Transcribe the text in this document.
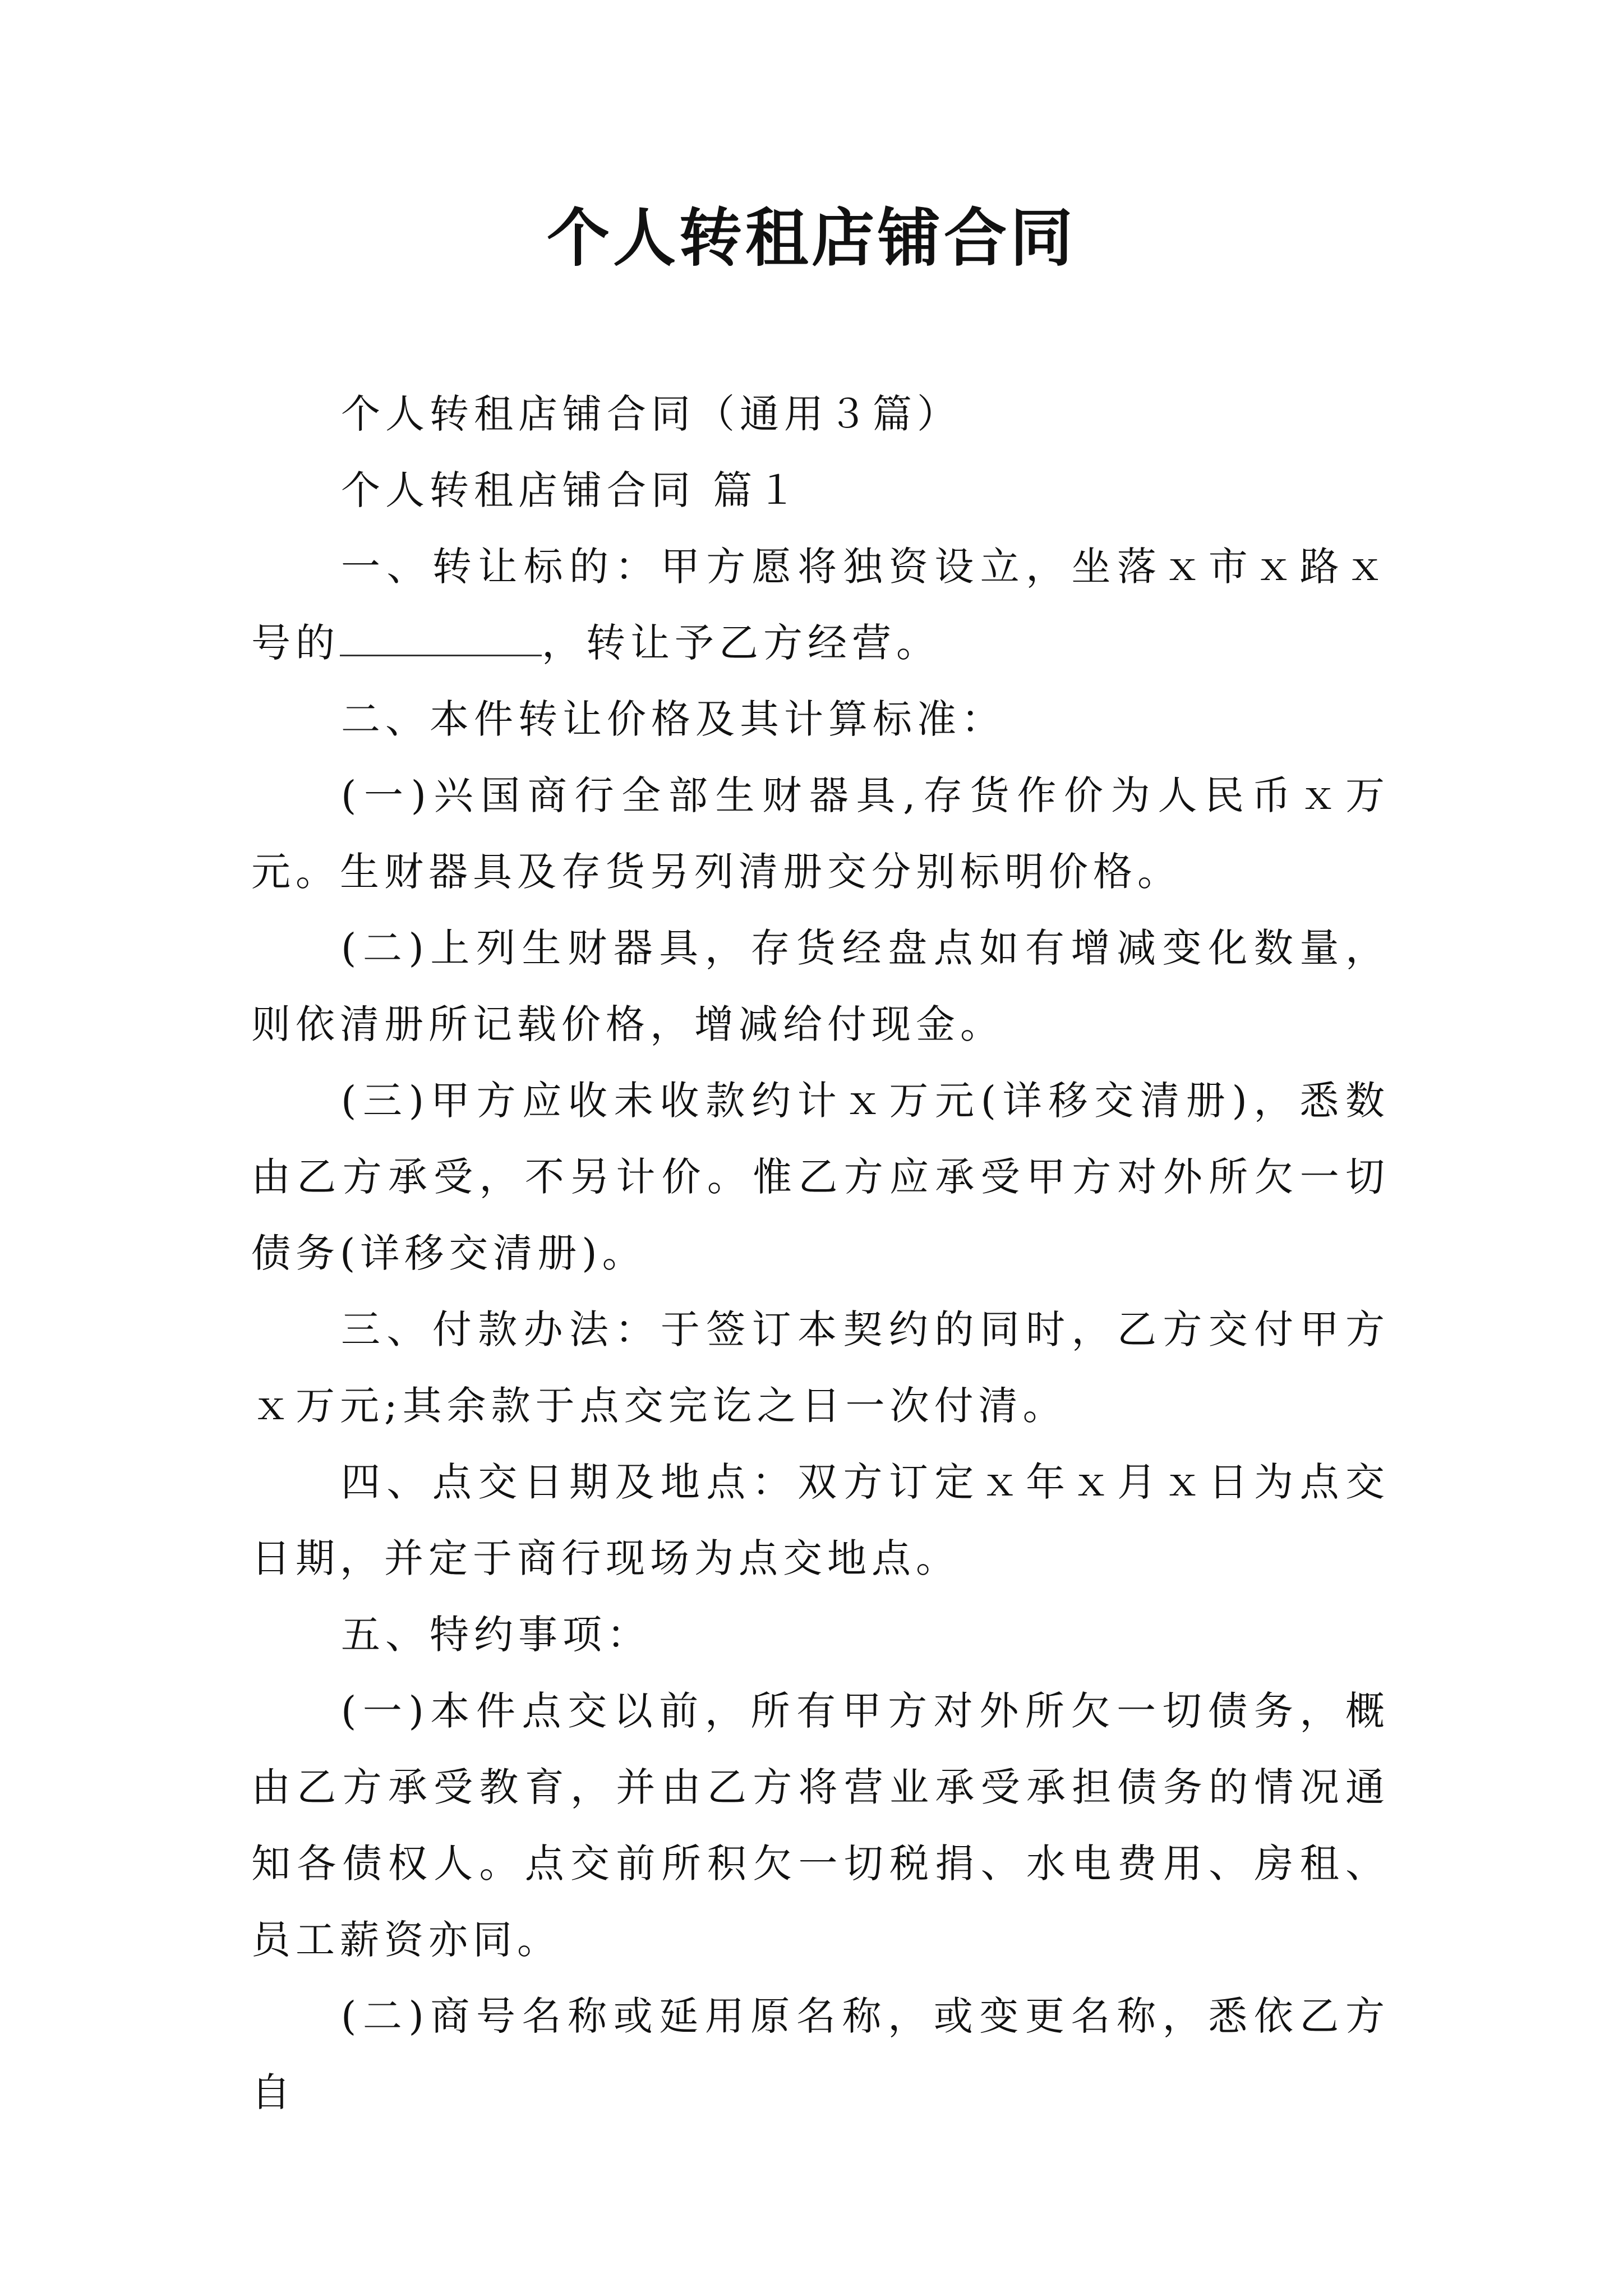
个人转租店铺合同

个人转租店铺合同（通用３篇）

个人转租店铺合同 篇１

一、转让标的：甲方愿将独资设立，坐落ｘ市ｘ路ｘ号的	，转让予乙方经营。

二、本件转让价格及其计算标准：

(一)兴国商行全部生财器具,存货作价为人民币ｘ万元。生财器具及存货另列清册交分别标明价格。

(二)上列生财器具，存货经盘点如有增减变化数量，则依清册所记载价格，增减给付现金。

(三)甲方应收未收款约计ｘ万元(详移交清册)，悉数由乙方承受，不另计价。惟乙方应承受甲方对外所欠一切债务(详移交清册)。

三、付款办法：于签订本契约的同时，乙方交付甲方ｘ万元;其余款于点交完讫之日一次付清。

四、点交日期及地点：双方订定ｘ年ｘ月ｘ日为点交日期，并定于商行现场为点交地点。

五、特约事项：

(一)本件点交以前，所有甲方对外所欠一切债务，概由乙方承受教育，并由乙方将营业承受承担债务的情况通知各债权人。点交前所积欠一切税捐、水电费用、房租、员工薪资亦同。

(二)商号名称或延用原名称，或变更名称，悉依乙方自
